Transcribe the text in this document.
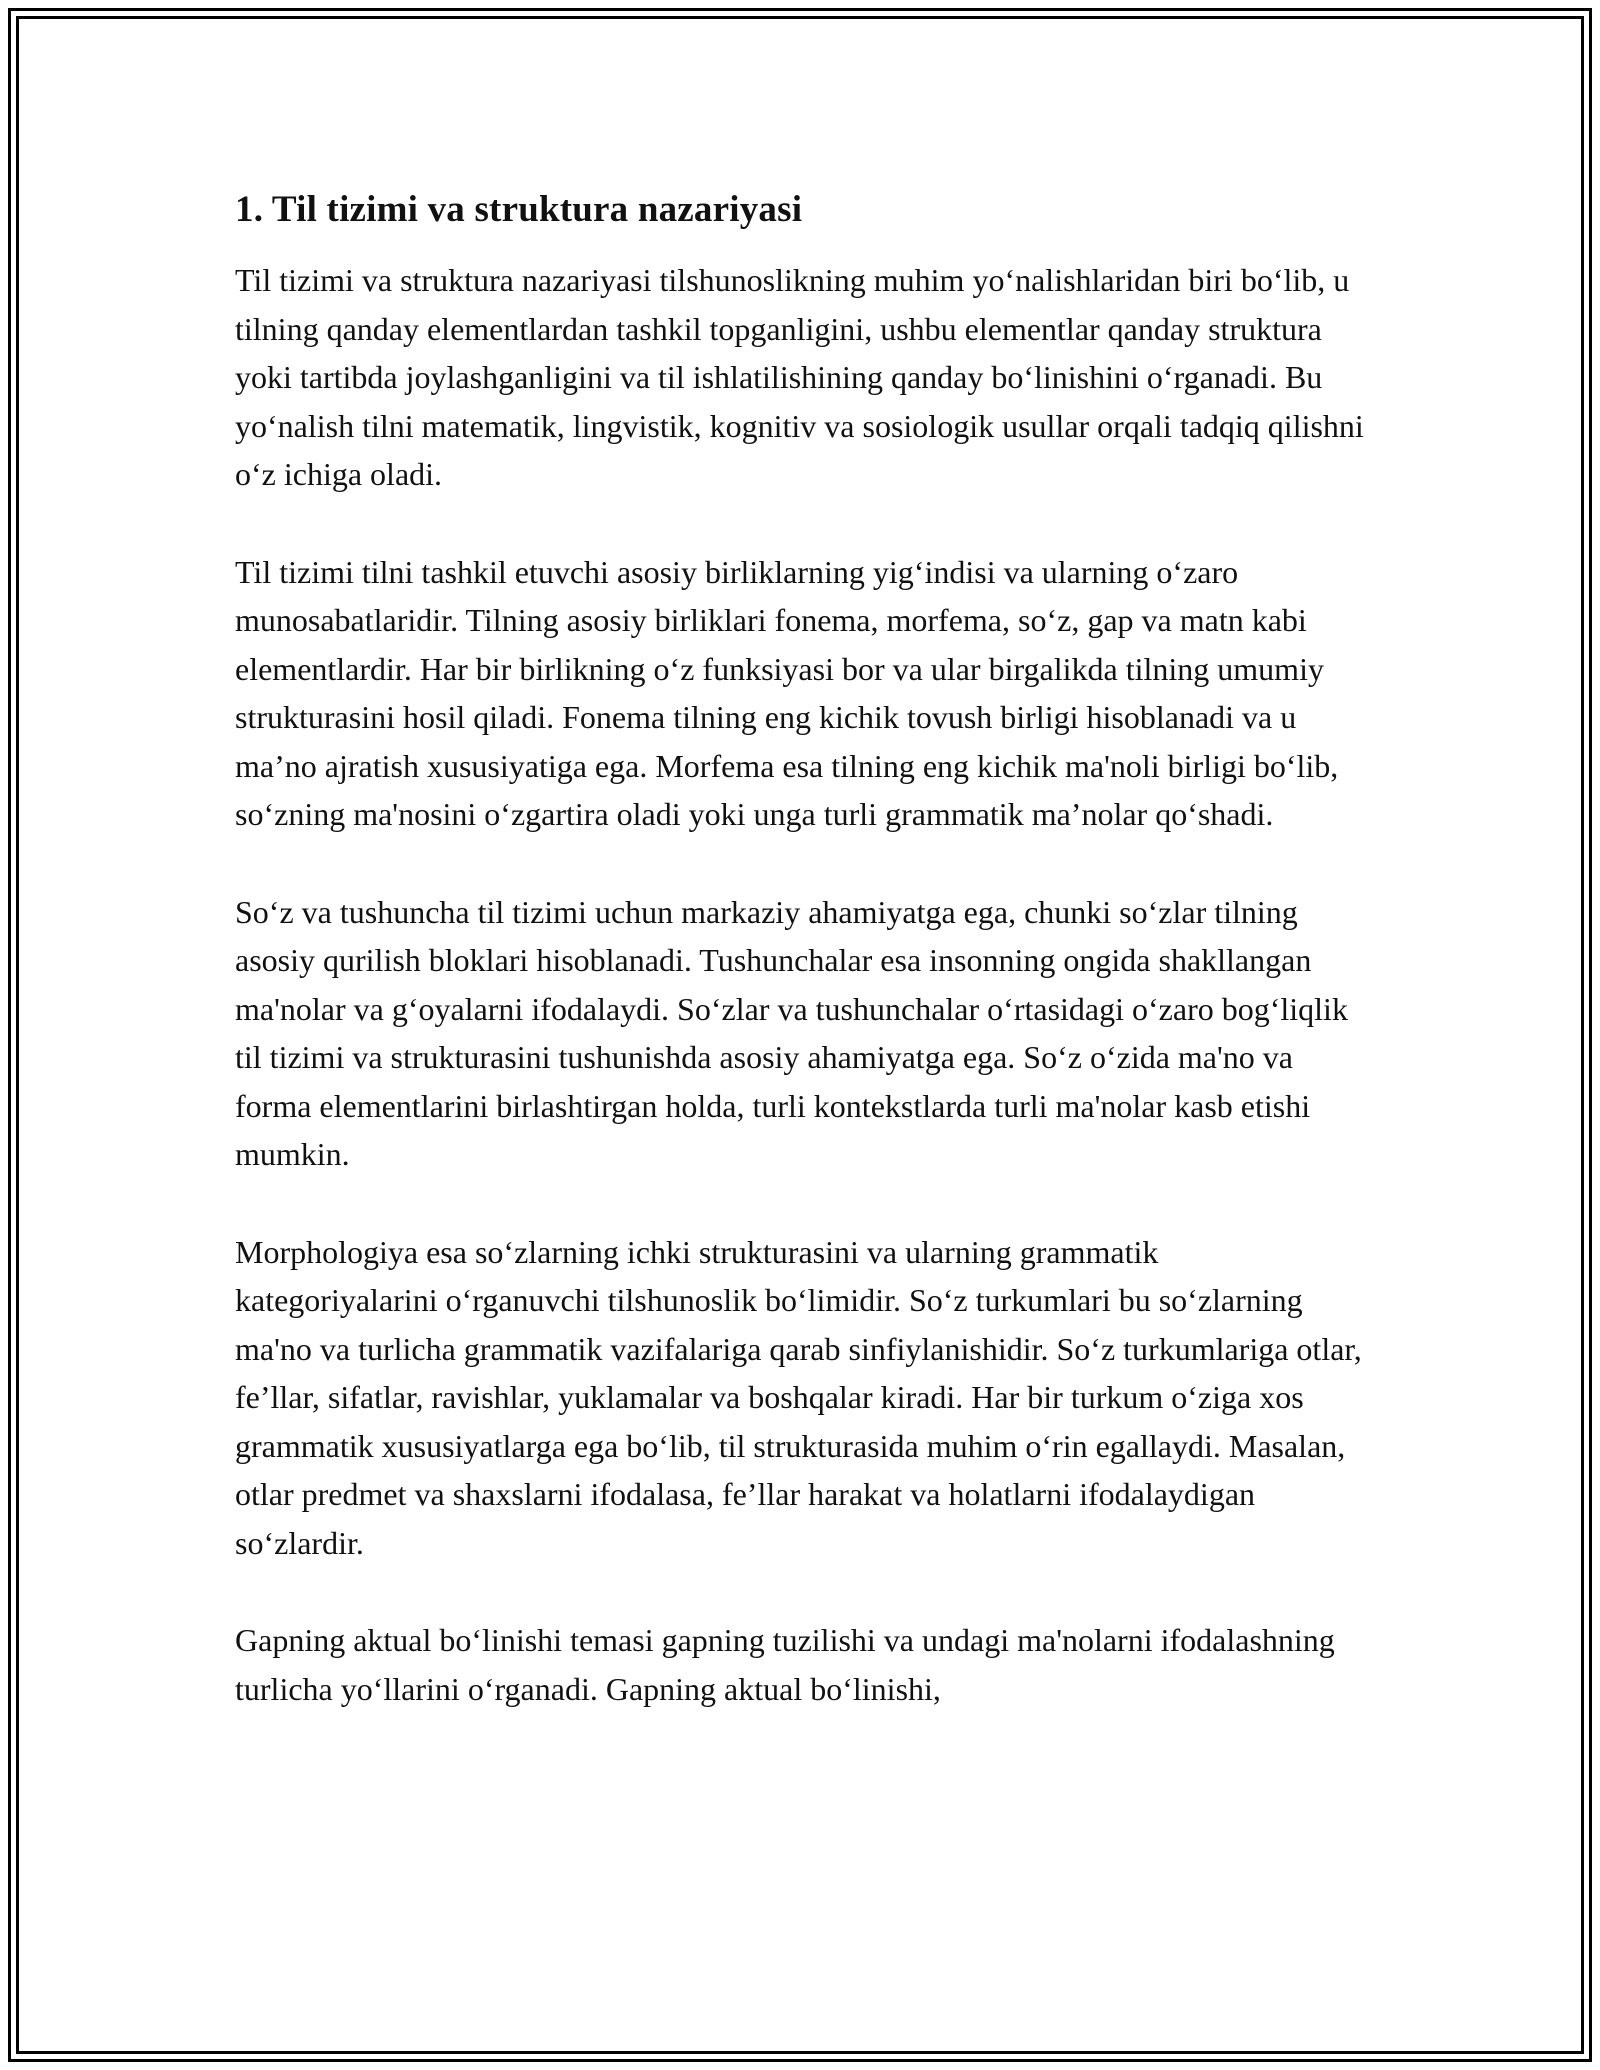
1. Til tizimi va struktura nazariyasi

Til tizimi va struktura nazariyasi tilshunoslikning muhim yo‘nalishlaridan biri bo‘lib, u tilning qanday elementlardan tashkil topganligini, ushbu elementlar qanday struktura yoki tartibda joylashganligini va til ishlatilishining qanday bo‘linishini o‘rganadi. Bu yo‘nalish tilni matematik, lingvistik, kognitiv va sosiologik usullar orqali tadqiq qilishni o‘z ichiga oladi.

Til tizimi tilni tashkil etuvchi asosiy birliklarning yig‘indisi va ularning o‘zaro munosabatlaridir. Tilning asosiy birliklari fonema, morfema, so‘z, gap va matn kabi elementlardir. Har bir birlikning o‘z funksiyasi bor va ular birgalikda tilning umumiy strukturasini hosil qiladi. Fonema tilning eng kichik tovush birligi hisoblanadi va u ma’no ajratish xususiyatiga ega. Morfema esa tilning eng kichik ma'noli birligi bo‘lib, so‘zning ma'nosini o‘zgartira oladi yoki unga turli grammatik ma’nolar qo‘shadi.

So‘z va tushuncha til tizimi uchun markaziy ahamiyatga ega, chunki so‘zlar tilning asosiy qurilish bloklari hisoblanadi. Tushunchalar esa insonning ongida shakllangan ma'nolar va g‘oyalarni ifodalaydi. So‘zlar va tushunchalar o‘rtasidagi o‘zaro bog‘liqlik til tizimi va strukturasini tushunishda asosiy ahamiyatga ega. So‘z o‘zida ma'no va forma elementlarini birlashtirgan holda, turli kontekstlarda turli ma'nolar kasb etishi mumkin.

Morphologiya esa so‘zlarning ichki strukturasini va ularning grammatik kategoriyalarini o‘rganuvchi tilshunoslik bo‘limidir. So‘z turkumlari bu so‘zlarning ma'no va turlicha grammatik vazifalariga qarab sinfiylanishidir. So‘z turkumlariga otlar, fe’llar, sifatlar, ravishlar, yuklamalar va boshqalar kiradi. Har bir turkum o‘ziga xos grammatik xususiyatlarga ega bo‘lib, til strukturasida muhim o‘rin egallaydi. Masalan, otlar predmet va shaxslarni ifodalasa, fe’llar harakat va holatlarni ifodalaydigan so‘zlardir.

Gapning aktual bo‘linishi temasi gapning tuzilishi va undagi ma'nolarni ifodalashning turlicha yo‘llarini o‘rganadi. Gapning aktual bo‘linishi,
